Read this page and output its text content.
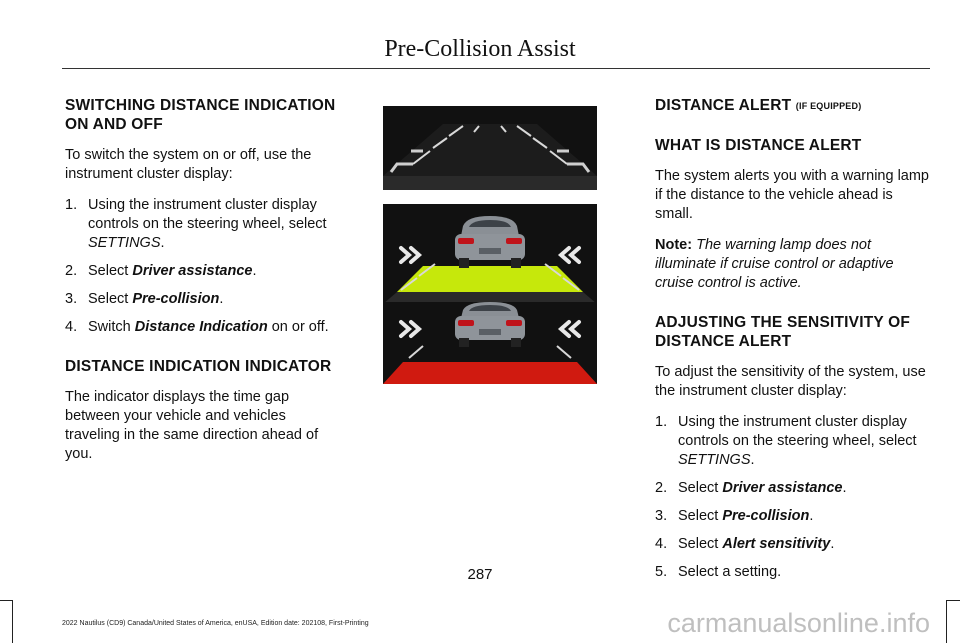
Pre-Collision Assist
SWITCHING DISTANCE INDICATION ON AND OFF

To switch the system on or off, use the instrument cluster display:

1. Using the instrument cluster display controls on the steering wheel, select SETTINGS.
2. Select Driver assistance.
3. Select Pre-collision.
4. Switch Distance Indication on or off.
DISTANCE INDICATION INDICATOR

The indicator displays the time gap between your vehicle and vehicles traveling in the same direction ahead of you.

DISTANCE ALERT (IF EQUIPPED)
WHAT IS DISTANCE ALERT

The system alerts you with a warning lamp if the distance to the vehicle ahead is small.

Note: The warning lamp does not illuminate if cruise control or adaptive cruise control is active.

ADJUSTING THE SENSITIVITY OF DISTANCE ALERT

To adjust the sensitivity of the system, use the instrument cluster display:

1. Using the instrument cluster display controls on the steering wheel, select SETTINGS.
2. Select Driver assistance.
3. Select Pre-collision.
4. Select Alert sensitivity.
5. Select a setting.
287
2022 Nautilus (CD9) Canada/United States of America, enUSA, Edition date: 202108, First-Printing	carmanualsonline.info
